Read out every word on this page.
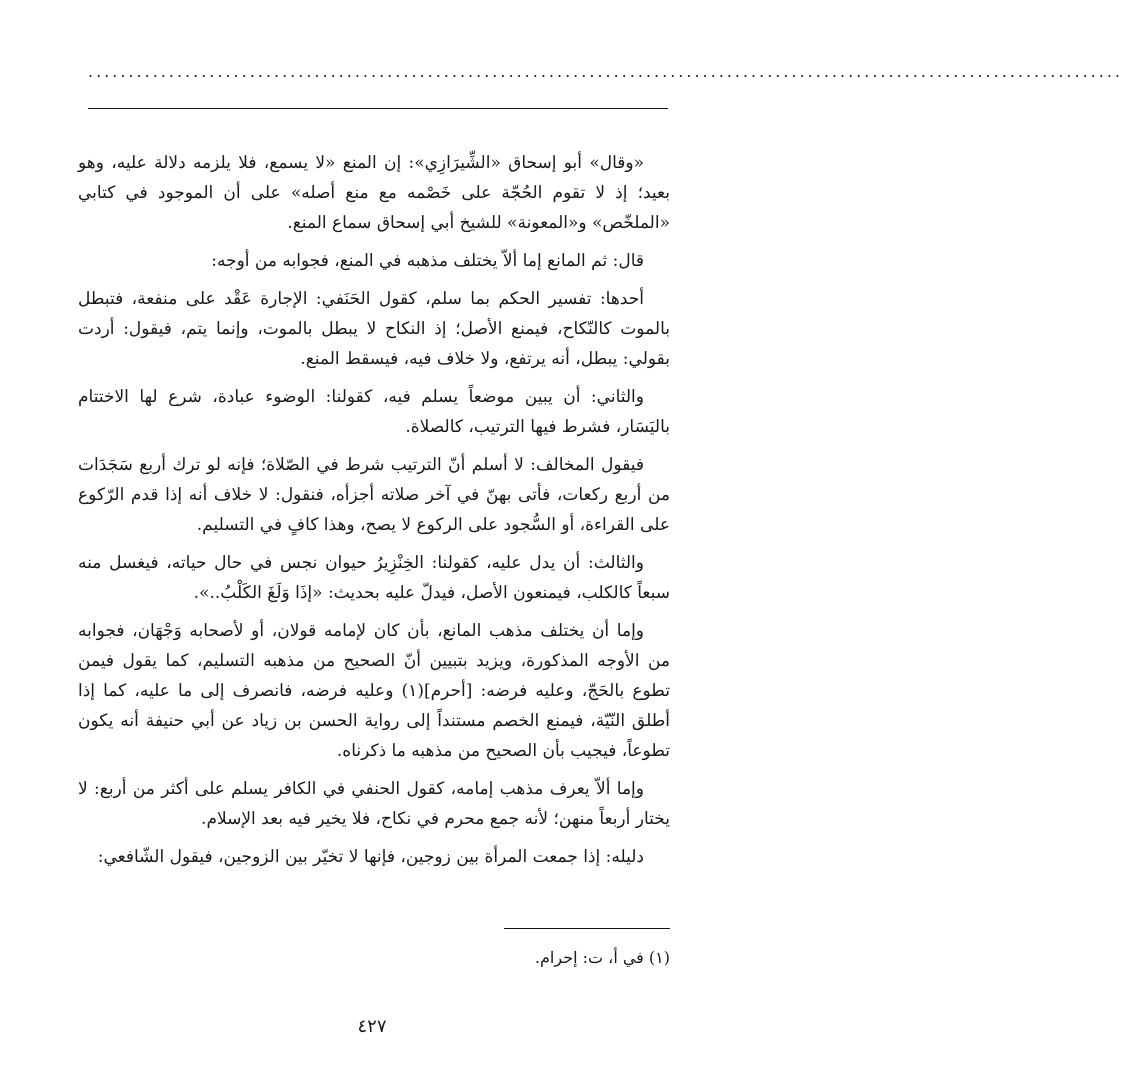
................................................................................................................................

«وقال» أبو إسحاق «الشِّيرَازِي»: إن المنع «لا يسمع، فلا يلزمه دلالة عليه، وهو بعيد؛ إذ لا تقوم الحُجّة على خَصْمه مع منع أصله» على أن الموجود في كتابي «الملخّص» و«المعونة» للشيخ أبي إسحاق سماع المنع.

قال: ثم المانع إما ألاّ يختلف مذهبه في المنع، فجوابه من أوجه:

أحدها: تفسير الحكم بما سلم، كقول الحَنَفي: الإجارة عَقْد على منفعة، فتبطل بالموت كالنّكاح، فيمنع الأصل؛ إذ النكاح لا يبطل بالموت، وإنما يتم، فيقول: أردت بقولي: يبطل، أنه يرتفع، ولا خلاف فيه، فيسقط المنع.

والثاني: أن يبين موضعاً يسلم فيه، كقولنا: الوضوء عبادة، شرع لها الاختتام باليَسَار، فشرط فيها الترتيب، كالصلاة.

فيقول المخالف: لا أسلم أنّ الترتيب شرط في الصّلاة؛ فإنه لو ترك أربع سَجَدَات من أربع ركعات، فأتى بهنّ في آخر صلاته أجزأه، فنقول: لا خلاف أنه إذا قدم الرّكوع على القراءة، أو السُّجود على الركوع لا يصح، وهذا كافٍ في التسليم.

والثالث: أن يدل عليه، كقولنا: الخِنْزِيرُ حيوان نجس في حال حياته، فيغسل منه سبعاً كالكلب، فيمنعون الأصل، فيدلّ عليه بحديث: «إذَا وَلَغَ الكَلْبُ..».

وإما أن يختلف مذهب المانع، بأن كان لإمامه قولان، أو لأصحابه وَجْهَان، فجوابه من الأوجه المذكورة، ويزيد بتبيين أنّ الصحيح من مذهبه التسليم، كما يقول فيمن تطوع بالحَجّ، وعليه فرضه: [أحرم](١) وعليه فرضه، فانصرف إلى ما عليه، كما إذا أطلق النّيّة، فيمنع الخصم مستنداً إلى رواية الحسن بن زياد عن أبي حنيفة أنه يكون تطوعاً، فيجيب بأن الصحيح من مذهبه ما ذكرناه.

وإما ألاّ يعرف مذهب إمامه، كقول الحنفي في الكافر يسلم على أكثر من أربع: لا يختار أربعاً منهن؛ لأنه جمع محرم في نكاح، فلا يخير فيه بعد الإسلام.

دليله: إذا جمعت المرأة بين زوجين، فإنها لا تخيّر بين الزوجين، فيقول الشّافعي:

(١) في أ، ت: إحرام.
٤٢٧
